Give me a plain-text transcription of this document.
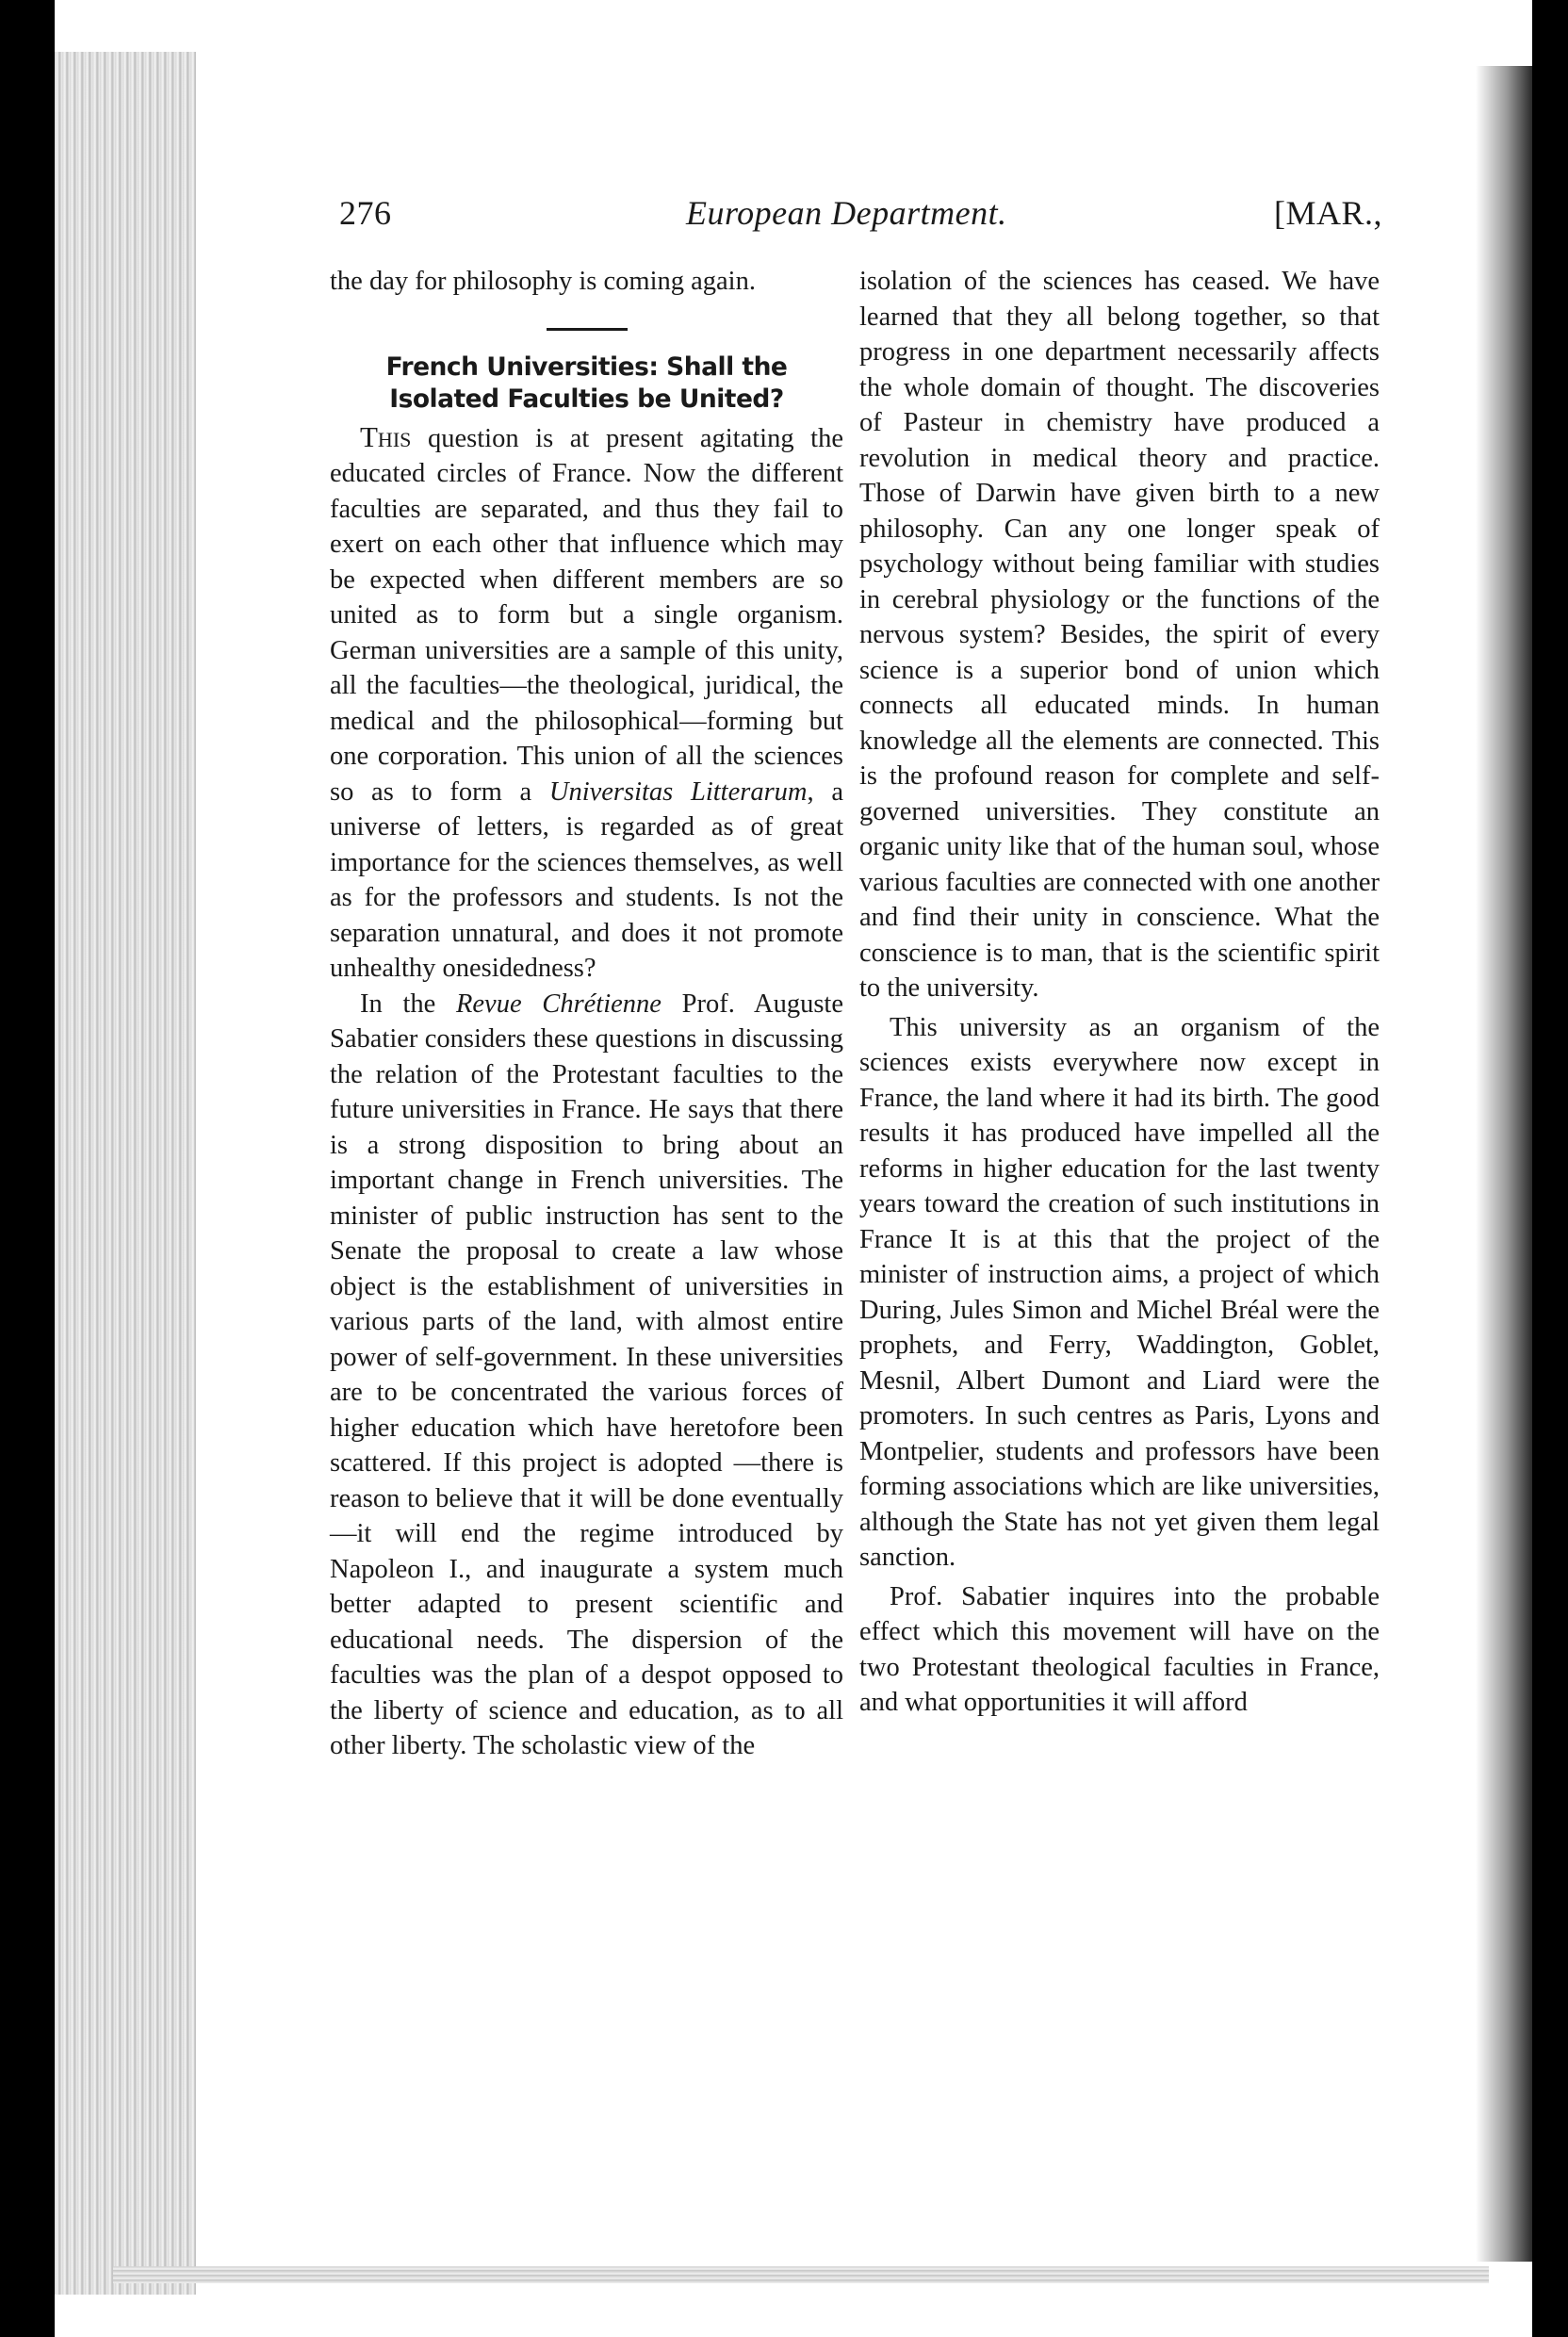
276	European Department.	[MAR.,

the day for philosophy is coming again.

French Universities: Shall the Isolated Faculties be United?

This question is at present agitating the educated circles of France. Now the different faculties are separated, and thus they fail to exert on each other that influence which may be expected when different members are so united as to form but a single organism. German universities are a sample of this unity, all the faculties—the theological, juridical, the medical and the philosophical—forming but one corporation. This union of all the sciences so as to form a Universitas Litterarum, a universe of letters, is regarded as of great importance for the sciences themselves, as well as for the professors and students. Is not the separation unnatural, and does it not promote unhealthy onesidedness?

In the Revue Chrétienne Prof. Auguste Sabatier considers these questions in discussing the relation of the Protestant faculties to the future universities in France. He says that there is a strong disposition to bring about an important change in French universities. The minister of public instruction has sent to the Senate the proposal to create a law whose object is the establishment of universities in various parts of the land, with almost entire power of self-government. In these universities are to be concentrated the various forces of higher education which have heretofore been scattered. If this project is adopted —there is reason to believe that it will be done eventually—it will end the regime introduced by Napoleon I., and inaugurate a system much better adapted to present scientific and educational needs. The dispersion of the faculties was the plan of a despot opposed to the liberty of science and education, as to all other liberty. The scholastic view of the

isolation of the sciences has ceased. We have learned that they all belong together, so that progress in one department necessarily affects the whole domain of thought. The discoveries of Pasteur in chemistry have produced a revolution in medical theory and practice. Those of Darwin have given birth to a new philosophy. Can any one longer speak of psychology without being familiar with studies in cerebral physiology or the functions of the nervous system? Besides, the spirit of every science is a superior bond of union which connects all educated minds. In human knowledge all the elements are connected. This is the profound reason for complete and self-governed universities. They constitute an organic unity like that of the human soul, whose various faculties are connected with one another and find their unity in conscience. What the conscience is to man, that is the scientific spirit to the university.

This university as an organism of the sciences exists everywhere now except in France, the land where it had its birth. The good results it has produced have impelled all the reforms in higher education for the last twenty years toward the creation of such institutions in France It is at this that the project of the minister of instruction aims, a project of which During, Jules Simon and Michel Bréal were the prophets, and Ferry, Waddington, Goblet, Mesnil, Albert Dumont and Liard were the promoters. In such centres as Paris, Lyons and Montpelier, students and professors have been forming associations which are like universities, although the State has not yet given them legal sanction.

Prof. Sabatier inquires into the probable effect which this movement will have on the two Protestant theological faculties in France, and what opportunities it will afford
